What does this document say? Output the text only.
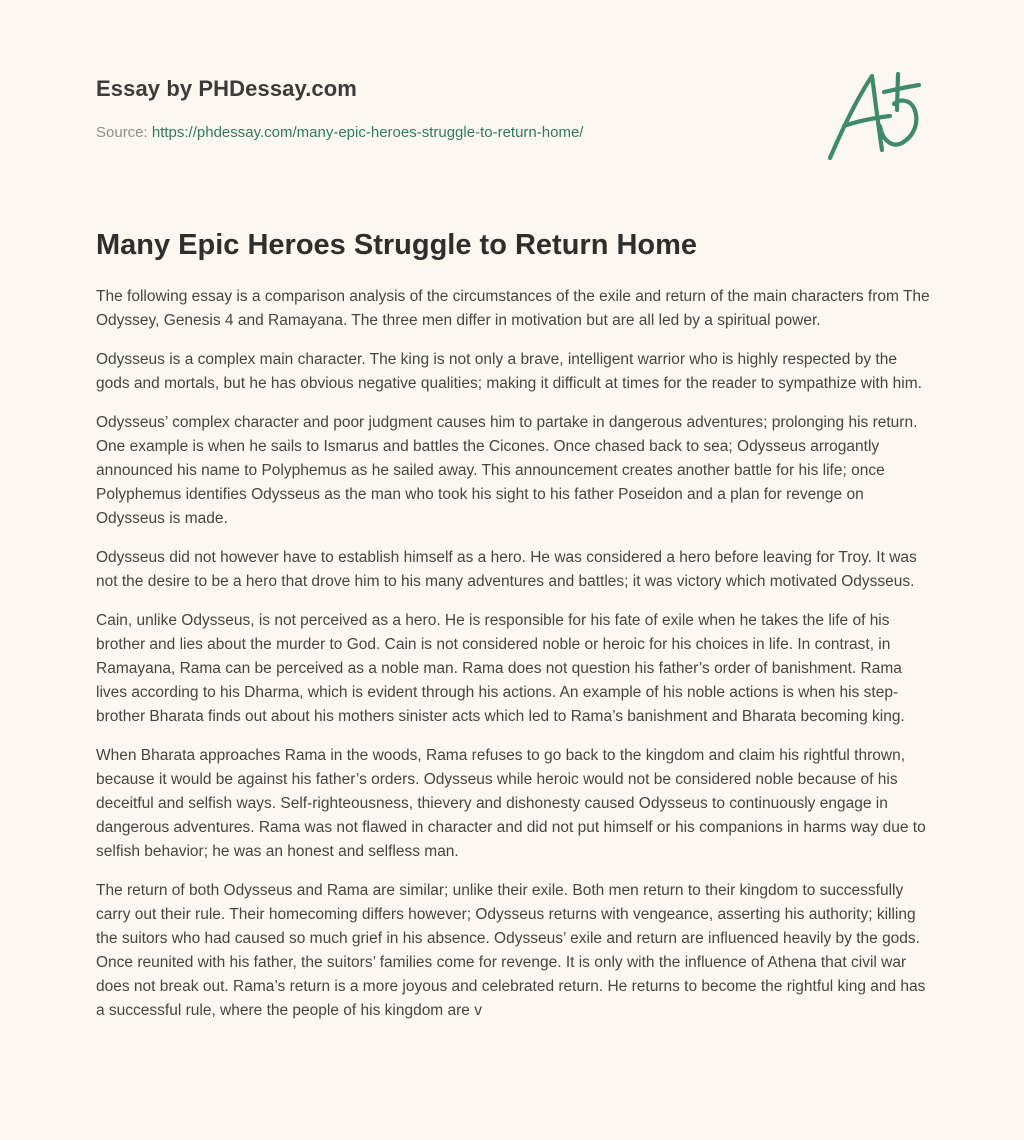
Essay by PHDessay.com
Source: https://phdessay.com/many-epic-heroes-struggle-to-return-home/
Many Epic Heroes Struggle to Return Home

The following essay is a comparison analysis of the circumstances of the exile and return of the main characters from The Odyssey, Genesis 4 and Ramayana. The three men differ in motivation but are all led by a spiritual power.

Odysseus is a complex main character. The king is not only a brave, intelligent warrior who is highly respected by the gods and mortals, but he has obvious negative qualities; making it difficult at times for the reader to sympathize with him.

Odysseus’ complex character and poor judgment causes him to partake in dangerous adventures; prolonging his return. One example is when he sails to Ismarus and battles the Cicones. Once chased back to sea; Odysseus arrogantly announced his name to Polyphemus as he sailed away. This announcement creates another battle for his life; once Polyphemus identifies Odysseus as the man who took his sight to his father Poseidon and a plan for revenge on Odysseus is made.

Odysseus did not however have to establish himself as a hero. He was considered a hero before leaving for Troy. It was not the desire to be a hero that drove him to his many adventures and battles; it was victory which motivated Odysseus.

Cain, unlike Odysseus, is not perceived as a hero. He is responsible for his fate of exile when he takes the life of his brother and lies about the murder to God. Cain is not considered noble or heroic for his choices in life. In contrast, in Ramayana, Rama can be perceived as a noble man. Rama does not question his father’s order of banishment. Rama lives according to his Dharma, which is evident through his actions. An example of his noble actions is when his step-brother Bharata finds out about his mothers sinister acts which led to Rama’s banishment and Bharata becoming king.

When Bharata approaches Rama in the woods, Rama refuses to go back to the kingdom and claim his rightful thrown, because it would be against his father’s orders. Odysseus while heroic would not be considered noble because of his deceitful and selfish ways. Self-righteousness, thievery and dishonesty caused Odysseus to continuously engage in dangerous adventures. Rama was not flawed in character and did not put himself or his companions in harms way due to selfish behavior; he was an honest and selfless man.

The return of both Odysseus and Rama are similar; unlike their exile. Both men return to their kingdom to successfully carry out their rule. Their homecoming differs however; Odysseus returns with vengeance, asserting his authority; killing the suitors who had caused so much grief in his absence. Odysseus’ exile and return are influenced heavily by the gods. Once reunited with his father, the suitors’ families come for revenge. It is only with the influence of Athena that civil war does not break out. Rama’s return is a more joyous and celebrated return. He returns to become the rightful king and has a successful rule, where the people of his kingdom are v
